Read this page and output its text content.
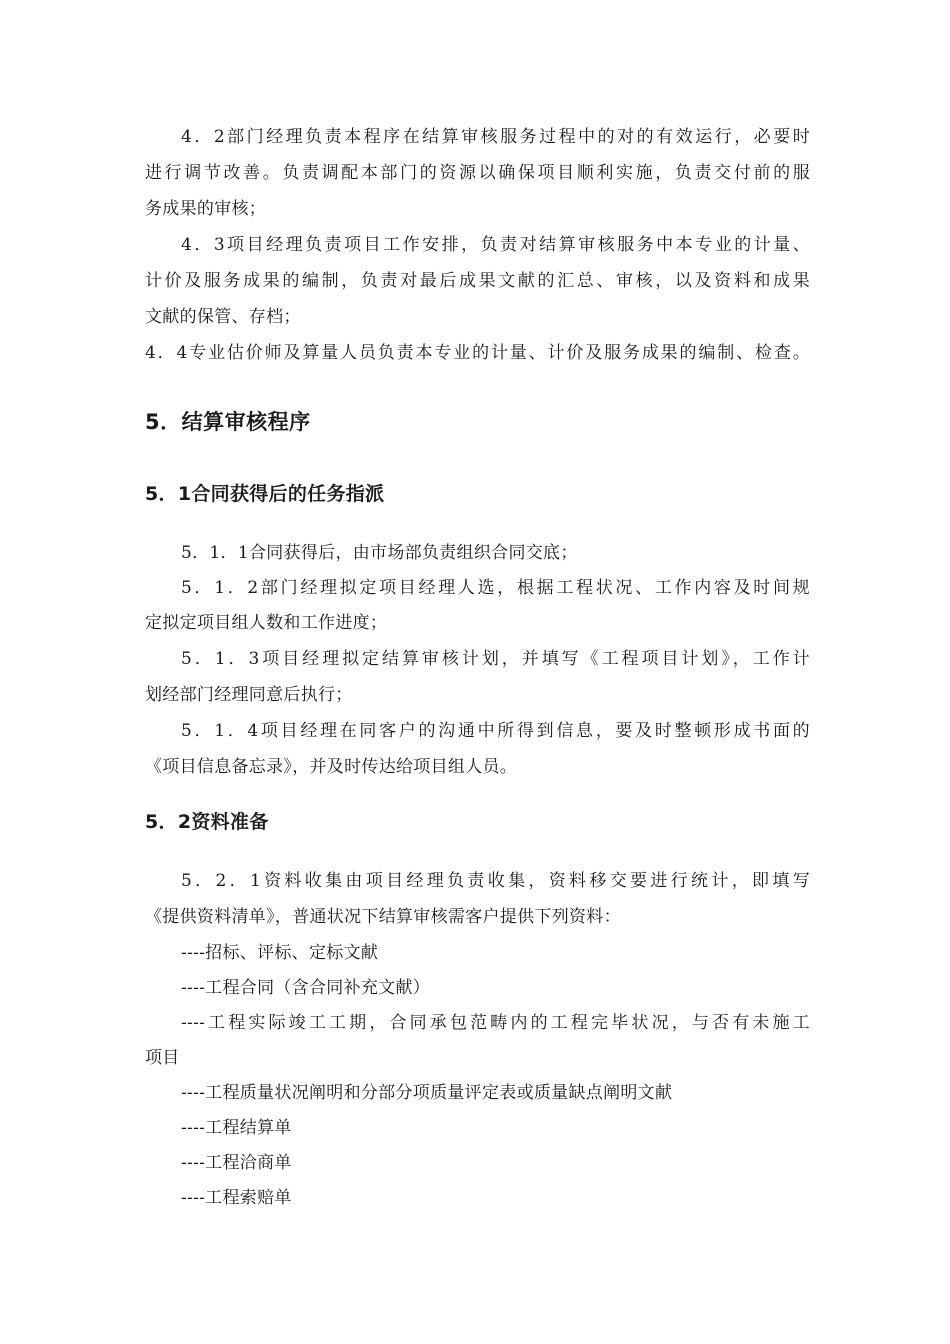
4．2部门经理负责本程序在结算审核服务过程中的对的有效运行，必要时
进行调节改善。负责调配本部门的资源以确保项目顺利实施，负责交付前的服
务成果的审核；
4．3项目经理负责项目工作安排，负责对结算审核服务中本专业的计量、
计价及服务成果的编制，负责对最后成果文献的汇总、审核，以及资料和成果
文献的保管、存档；
4．4专业估价师及算量人员负责本专业的计量、计价及服务成果的编制、检查。
5．结算审核程序
5．1合同获得后的任务指派
5．1．1合同获得后，由市场部负责组织合同交底；
5．1．2部门经理拟定项目经理人选，根据工程状况、工作内容及时间规
定拟定项目组人数和工作进度；
5．1．3项目经理拟定结算审核计划，并填写《工程项目计划》，工作计
划经部门经理同意后执行；
5．1．4项目经理在同客户的沟通中所得到信息，要及时整顿形成书面的
《项目信息备忘录》，并及时传达给项目组人员。
5．2资料准备
5．2．1资料收集由项目经理负责收集，资料移交要进行统计，即填写
《提供资料清单》，普通状况下结算审核需客户提供下列资料：
----招标、评标、定标文献
----工程合同（含合同补充文献）
----工程实际竣工工期，合同承包范畴内的工程完毕状况，与否有未施工
项目
----工程质量状况阐明和分部分项质量评定表或质量缺点阐明文献
----工程结算单
----工程洽商单
----工程索赔单
